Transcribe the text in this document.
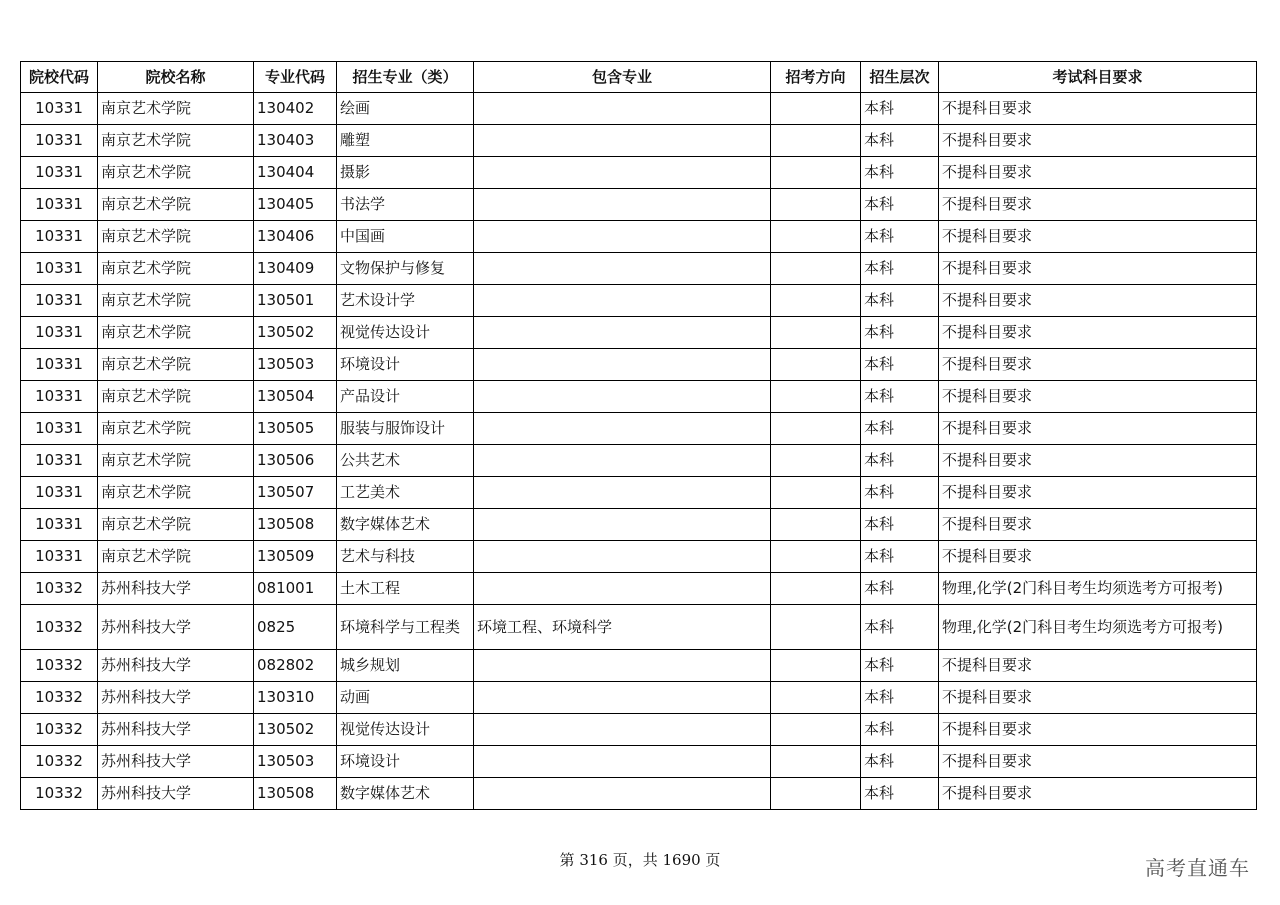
院校代码	院校名称	专业代码	招生专业（类）	包含专业	招考方向	招生层次	考试科目要求
10331	南京艺术学院	130402	绘画			本科	不提科目要求
10331	南京艺术学院	130403	雕塑			本科	不提科目要求
10331	南京艺术学院	130404	摄影			本科	不提科目要求
10331	南京艺术学院	130405	书法学			本科	不提科目要求
10331	南京艺术学院	130406	中国画			本科	不提科目要求
10331	南京艺术学院	130409	文物保护与修复			本科	不提科目要求
10331	南京艺术学院	130501	艺术设计学			本科	不提科目要求
10331	南京艺术学院	130502	视觉传达设计			本科	不提科目要求
10331	南京艺术学院	130503	环境设计			本科	不提科目要求
10331	南京艺术学院	130504	产品设计			本科	不提科目要求
10331	南京艺术学院	130505	服装与服饰设计			本科	不提科目要求
10331	南京艺术学院	130506	公共艺术			本科	不提科目要求
10331	南京艺术学院	130507	工艺美术			本科	不提科目要求
10331	南京艺术学院	130508	数字媒体艺术			本科	不提科目要求
10331	南京艺术学院	130509	艺术与科技			本科	不提科目要求
10332	苏州科技大学	081001	土木工程			本科	物理,化学(2门科目考生均须选考方可报考)
10332	苏州科技大学	0825	环境科学与工程类	环境工程、环境科学		本科	物理,化学(2门科目考生均须选考方可报考)
10332	苏州科技大学	082802	城乡规划			本科	不提科目要求
10332	苏州科技大学	130310	动画			本科	不提科目要求
10332	苏州科技大学	130502	视觉传达设计			本科	不提科目要求
10332	苏州科技大学	130503	环境设计			本科	不提科目要求
10332	苏州科技大学	130508	数字媒体艺术			本科	不提科目要求
第 316 页，共 1690 页	高考直通车
